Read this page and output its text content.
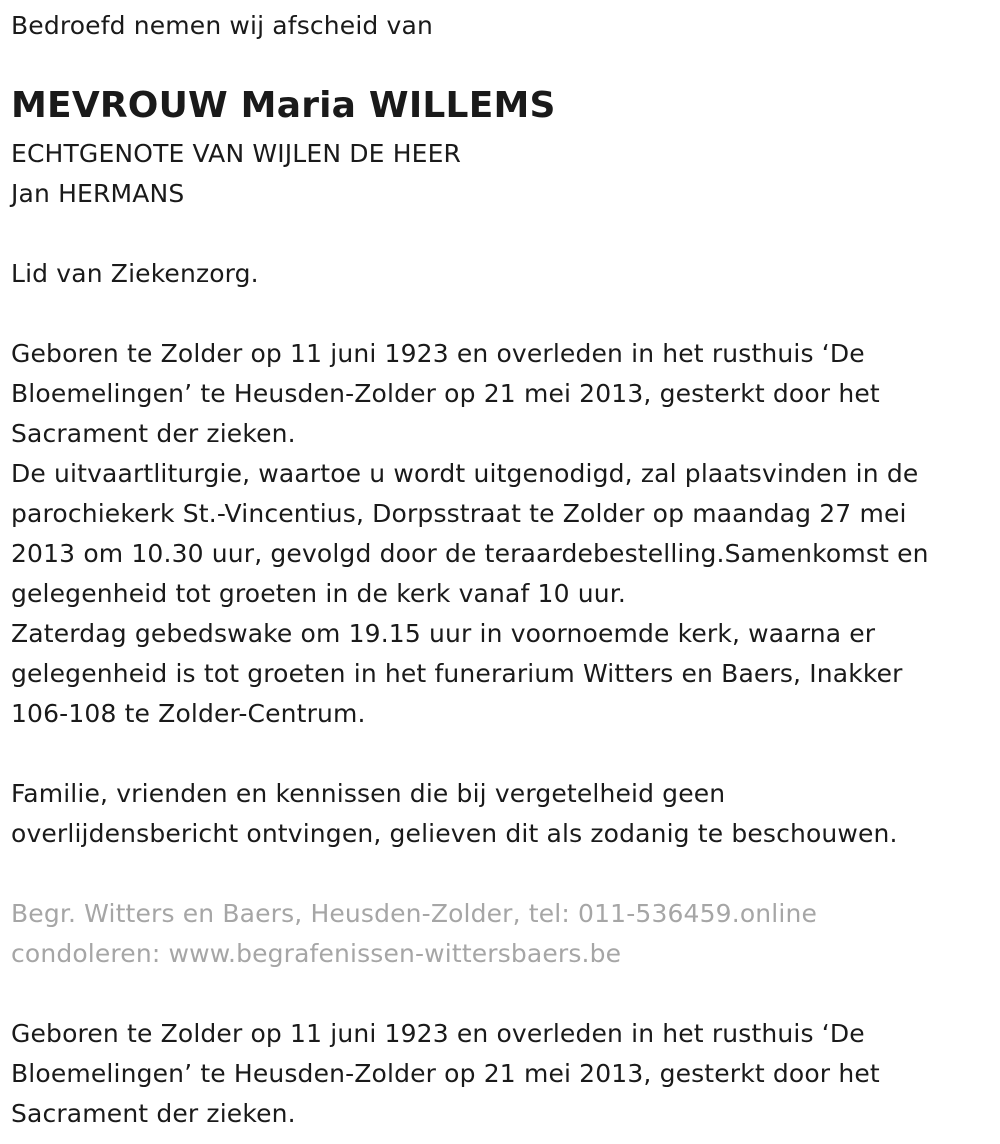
Bedroefd nemen wij afscheid van

MEVROUW Maria WILLEMS

ECHTGENOTE VAN WIJLEN DE HEER

Jan HERMANS

Lid van Ziekenzorg.

Geboren te Zolder op 11 juni 1923 en overleden in het rusthuis ‘De

Bloemelingen’ te Heusden-Zolder op 21 mei 2013, gesterkt door het

Sacrament der zieken.

De uitvaartliturgie, waartoe u wordt uitgenodigd, zal plaatsvinden in de

parochiekerk St.-Vincentius, Dorpsstraat te Zolder op maandag 27 mei

2013 om 10.30 uur, gevolgd door de teraardebestelling.Samenkomst en

gelegenheid tot groeten in de kerk vanaf 10 uur.

Zaterdag gebedswake om 19.15 uur in voornoemde kerk, waarna er

gelegenheid is tot groeten in het funerarium Witters en Baers, Inakker

106-108 te Zolder-Centrum.

Familie, vrienden en kennissen die bij vergetelheid geen

overlijdensbericht ontvingen, gelieven dit als zodanig te beschouwen.

Begr. Witters en Baers, Heusden-Zolder, tel: 011-536459.online

condoleren: www.begrafenissen-wittersbaers.be

Geboren te Zolder op 11 juni 1923 en overleden in het rusthuis ‘De

Bloemelingen’ te Heusden-Zolder op 21 mei 2013, gesterkt door het

Sacrament der zieken.
